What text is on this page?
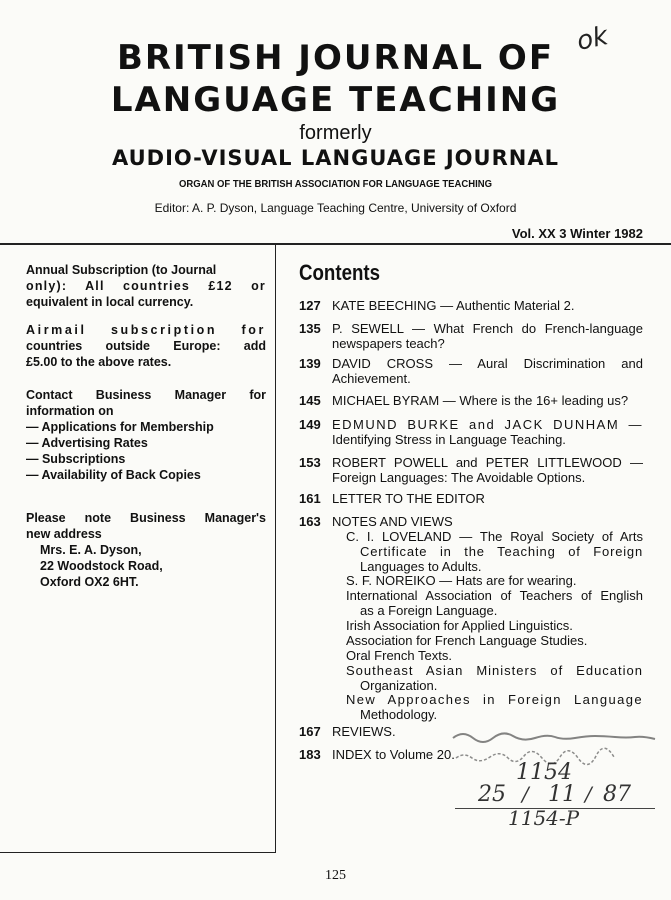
BRITISH JOURNAL OF
LANGUAGE TEACHING
ok
formerly
AUDIO-VISUAL LANGUAGE JOURNAL
ORGAN OF THE BRITISH ASSOCIATION FOR LANGUAGE TEACHING
Editor: A. P. Dyson, Language Teaching Centre, University of Oxford
Vol. XX 3 Winter 1982

Annual Subscription (to Journal

only): All countries £12 or

equivalent in local currency.

Airmail subscription for

countries outside Europe: add

£5.00 to the above rates.

Contact Business Manager for

information on

— Applications for Membership

— Advertising Rates

— Subscriptions

— Availability of Back Copies

Please note Business Manager's

new address

Mrs. E. A. Dyson,

22 Woodstock Road,

Oxford OX2 6HT.

Contents
127 KATE BEECHING — Authentic Material 2.
135 P. SEWELL — What French do French-language
newspapers teach?
139 DAVID CROSS — Aural Discrimination and
Achievement.
145 MICHAEL BYRAM — Where is the 16+ leading us?
149 EDMUND BURKE and JACK DUNHAM —
Identifying Stress in Language Teaching.
153 ROBERT POWELL and PETER LITTLEWOOD —
Foreign Languages: The Avoidable Options.
161 LETTER TO THE EDITOR
163 NOTES AND VIEWS
C. I. LOVELAND — The Royal Society of Arts
Certificate in the Teaching of Foreign
Languages to Adults.
S. F. NOREIKO — Hats are for wearing.
International Association of Teachers of English
as a Foreign Language.
Irish Association for Applied Linguistics.
Association for French Language Studies.
Oral French Texts.
Southeast Asian Ministers of Education
Organization.
New Approaches in Foreign Language
Methodology.
167 REVIEWS.
183 INDEX to Volume 20.
1154
25 / 11 / 87
1154-P
125
